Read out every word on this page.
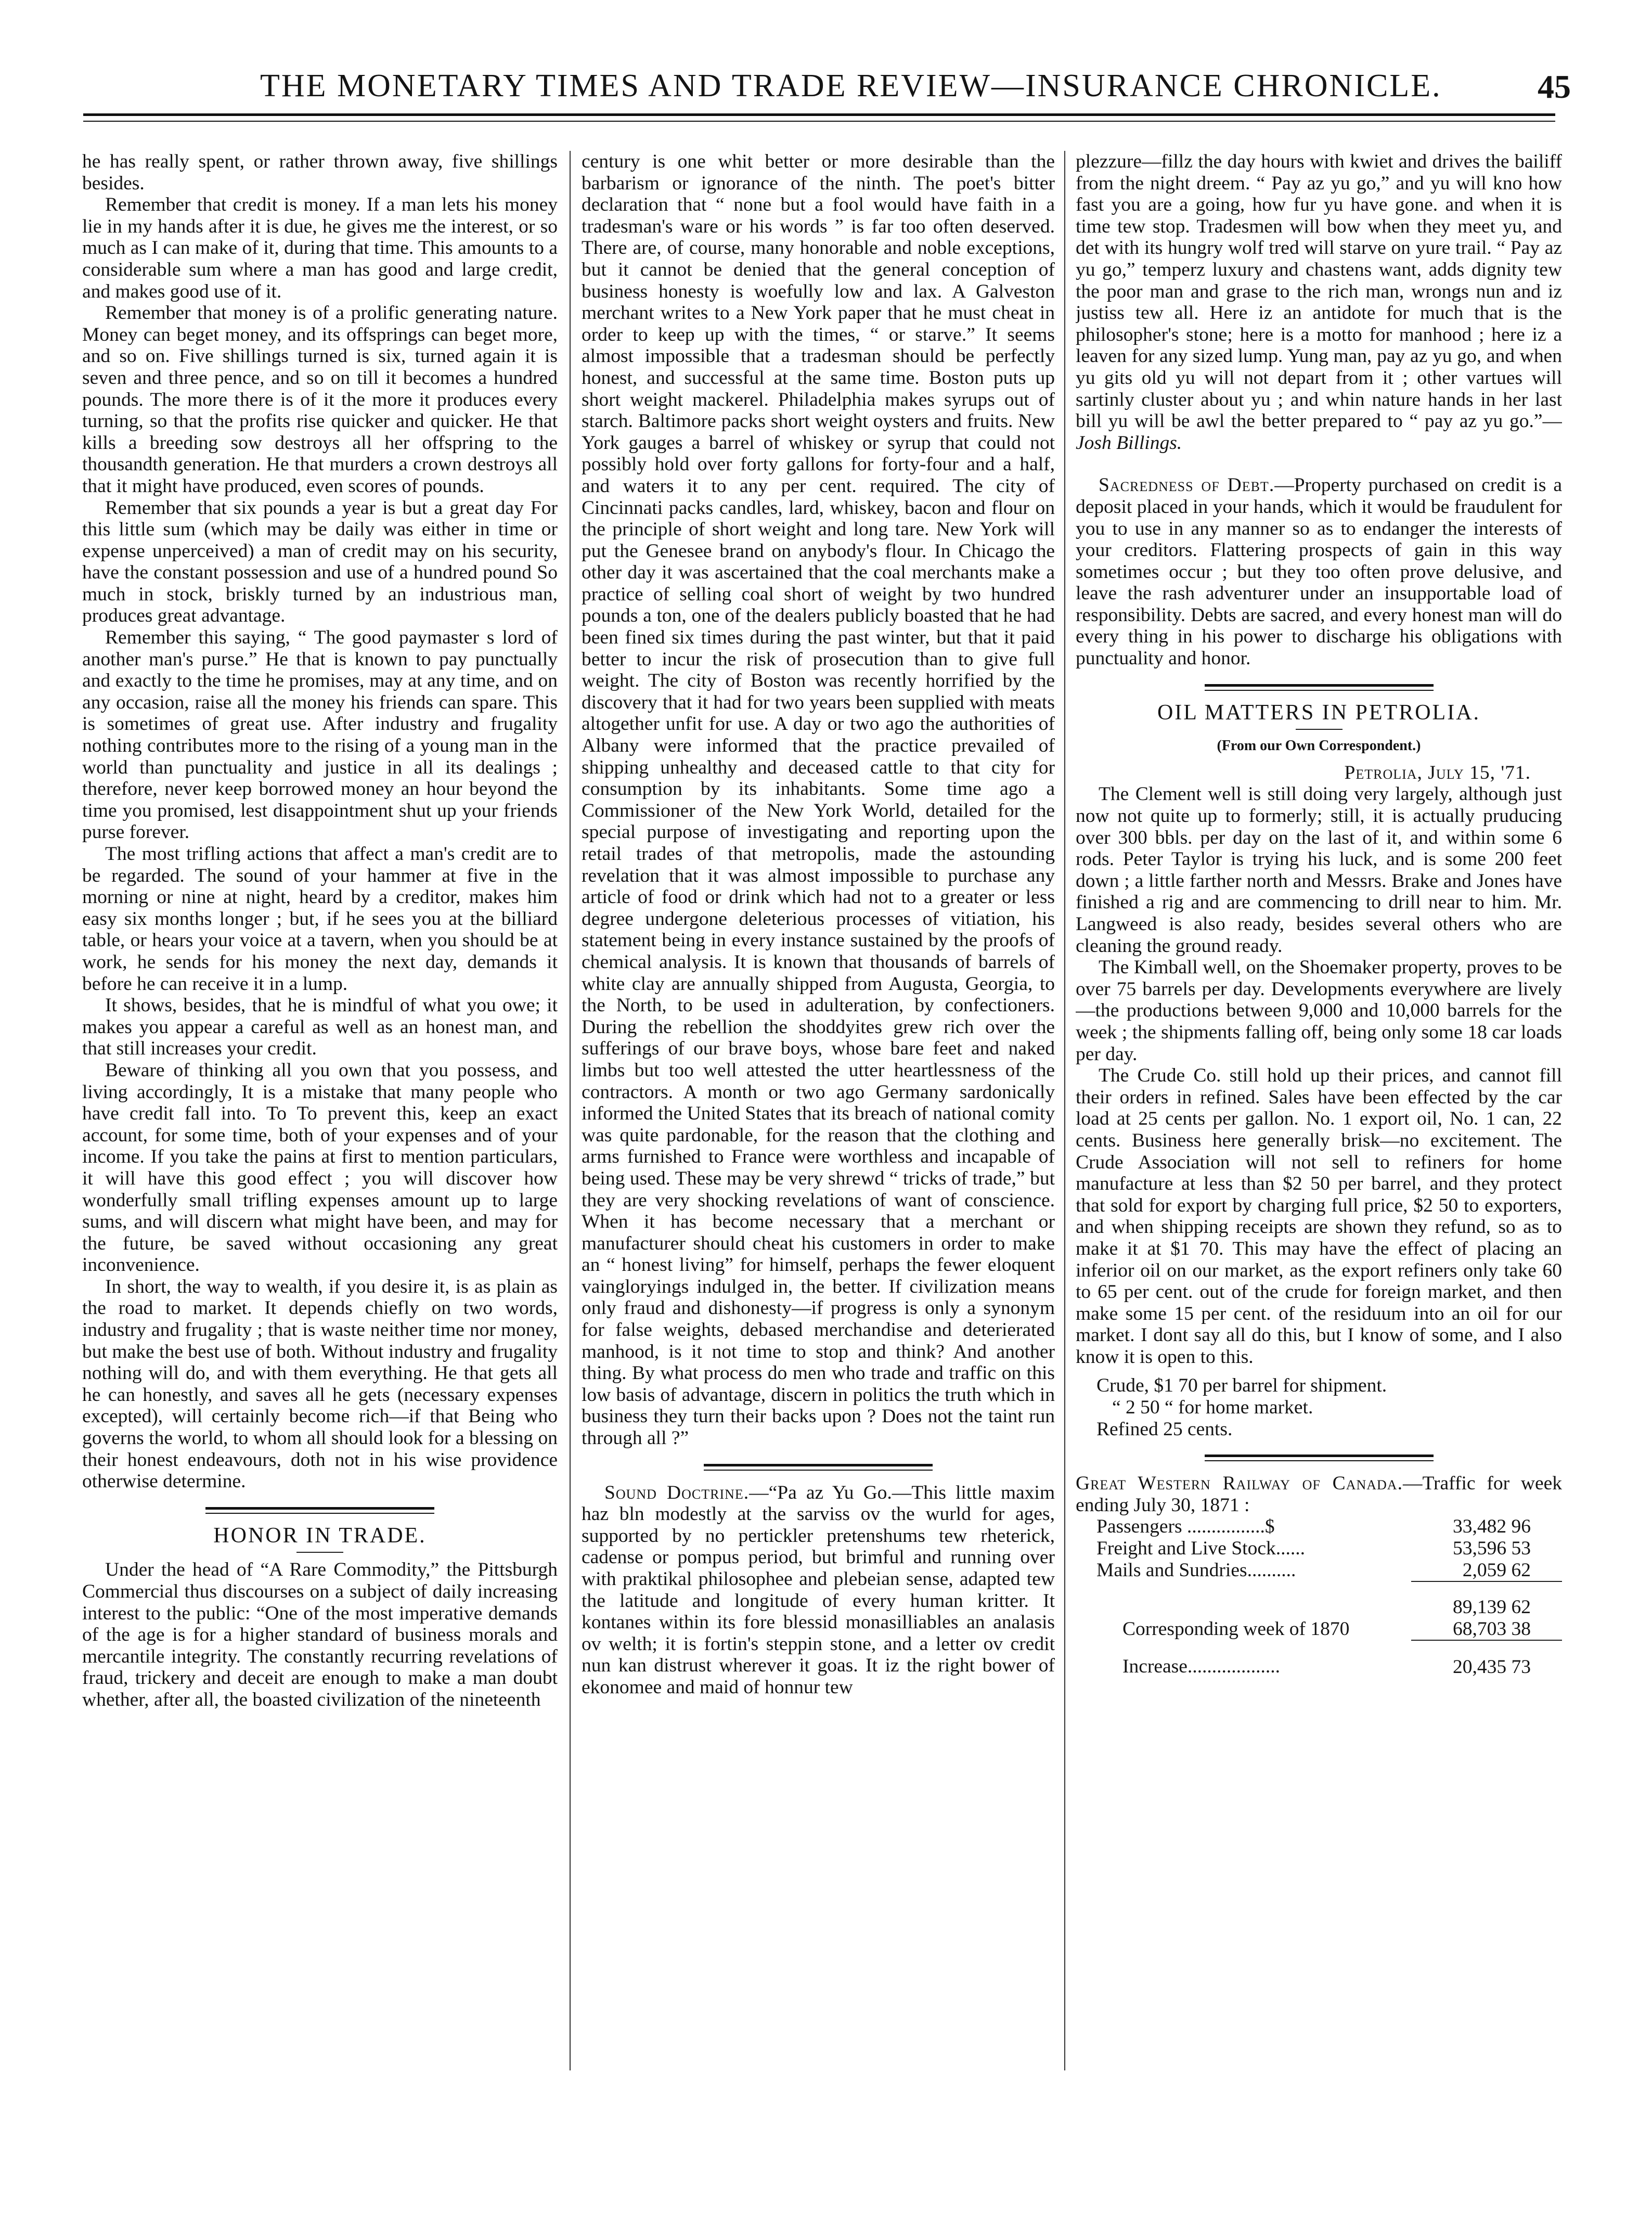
THE MONETARY TIMES AND TRADE REVIEW—INSURANCE CHRONICLE.	45

he has really spent, or rather thrown away, five shillings besides.

Remember that credit is money. If a man lets his money lie in my hands after it is due, he gives me the interest, or so much as I can make of it, during that time. This amounts to a considerable sum where a man has good and large credit, and makes good use of it.

Remember that money is of a prolific generating nature. Money can beget money, and its offsprings can beget more, and so on. Five shillings turned is six, turned again it is seven and three pence, and so on till it becomes a hundred pounds. The more there is of it the more it produces every turning, so that the profits rise quicker and quicker. He that kills a breeding sow destroys all her offspring to the thousandth generation. He that murders a crown destroys all that it might have produced, even scores of pounds.

Remember that six pounds a year is but a great day For this little sum (which may be daily was either in time or expense unperceived) a man of credit may on his security, have the constant possession and use of a hundred pound So much in stock, briskly turned by an industrious man, produces great advantage.

Remember this saying, “ The good paymaster s lord of another man's purse.” He that is known to pay punctually and exactly to the time he promises, may at any time, and on any occasion, raise all the money his friends can spare. This is sometimes of great use. After industry and frugality nothing contributes more to the rising of a young man in the world than punctuality and justice in all its dealings ; therefore, never keep borrowed money an hour beyond the time you promised, lest disappointment shut up your friends purse forever.

The most trifling actions that affect a man's credit are to be regarded. The sound of your hammer at five in the morning or nine at night, heard by a creditor, makes him easy six months longer ; but, if he sees you at the billiard table, or hears your voice at a tavern, when you should be at work, he sends for his money the next day, demands it before he can receive it in a lump.

It shows, besides, that he is mindful of what you owe; it makes you appear a careful as well as an honest man, and that still increases your credit.

Beware of thinking all you own that you possess, and living accordingly, It is a mistake that many people who have credit fall into. To To prevent this, keep an exact account, for some time, both of your expenses and of your income. If you take the pains at first to mention particulars, it will have this good effect ; you will discover how wonderfully small trifling expenses amount up to large sums, and will discern what might have been, and may for the future, be saved without occasioning any great inconvenience.

In short, the way to wealth, if you desire it, is as plain as the road to market. It depends chiefly on two words, industry and frugality ; that is waste neither time nor money, but make the best use of both. Without industry and frugality nothing will do, and with them everything. He that gets all he can honestly, and saves all he gets (necessary expenses excepted), will certainly become rich—if that Being who governs the world, to whom all should look for a blessing on their honest endeavours, doth not in his wise providence otherwise determine.

HONOR IN TRADE.

Under the head of “A Rare Commodity,” the Pittsburgh Commercial thus discourses on a subject of daily increasing interest to the public: “One of the most imperative demands of the age is for a higher standard of business morals and mercantile integrity. The constantly recurring revelations of fraud, trickery and deceit are enough to make a man doubt whether, after all, the boasted civilization of the nineteenth

century is one whit better or more desirable than the barbarism or ignorance of the ninth. The poet's bitter declaration that “ none but a fool would have faith in a tradesman's ware or his words ” is far too often deserved. There are, of course, many honorable and noble exceptions, but it cannot be denied that the general conception of business honesty is woefully low and lax. A Galveston merchant writes to a New York paper that he must cheat in order to keep up with the times, “ or starve.” It seems almost impossible that a tradesman should be perfectly honest, and successful at the same time. Boston puts up short weight mackerel. Philadelphia makes syrups out of starch. Baltimore packs short weight oysters and fruits. New York gauges a barrel of whiskey or syrup that could not possibly hold over forty gallons for forty-four and a half, and waters it to any per cent. required. The city of Cincinnati packs candles, lard, whiskey, bacon and flour on the principle of short weight and long tare. New York will put the Genesee brand on anybody's flour. In Chicago the other day it was ascertained that the coal merchants make a practice of selling coal short of weight by two hundred pounds a ton, one of the dealers publicly boasted that he had been fined six times during the past winter, but that it paid better to incur the risk of prosecution than to give full weight. The city of Boston was recently horrified by the discovery that it had for two years been supplied with meats altogether unfit for use. A day or two ago the authorities of Albany were informed that the practice prevailed of shipping unhealthy and deceased cattle to that city for consumption by its inhabitants. Some time ago a Commissioner of the New York World, detailed for the special purpose of investigating and reporting upon the retail trades of that metropolis, made the astounding revelation that it was almost impossible to purchase any article of food or drink which had not to a greater or less degree undergone deleterious processes of vitiation, his statement being in every instance sustained by the proofs of chemical analysis. It is known that thousands of barrels of white clay are annually shipped from Augusta, Georgia, to the North, to be used in adulteration, by confectioners. During the rebellion the shoddyites grew rich over the sufferings of our brave boys, whose bare feet and naked limbs but too well attested the utter heartlessness of the contractors. A month or two ago Germany sardonically informed the United States that its breach of national comity was quite pardonable, for the reason that the clothing and arms furnished to France were worthless and incapable of being used. These may be very shrewd “ tricks of trade,” but they are very shocking revelations of want of conscience. When it has become necessary that a merchant or manufacturer should cheat his customers in order to make an “ honest living” for himself, perhaps the fewer eloquent vaingloryings indulged in, the better. If civilization means only fraud and dishonesty—if progress is only a synonym for false weights, debased merchandise and deterierated manhood, is it not time to stop and think? And another thing. By what process do men who trade and traffic on this low basis of advantage, discern in politics the truth which in business they turn their backs upon ? Does not the taint run through all ?”

Sound Doctrine.—“Pa az Yu Go.—This little maxim haz bln modestly at the sarviss ov the wurld for ages, supported by no pertickler pretenshums tew rheterick, cadense or pompus period, but brimful and running over with praktikal philosophee and plebeian sense, adapted tew the latitude and longitude of every human kritter. It kontanes within its fore blessid monasilliables an analasis ov welth; it is fortin's steppin stone, and a letter ov credit nun kan distrust wherever it goas. It iz the right bower of ekonomee and maid of honnur tew

plezzure—fillz the day hours with kwiet and drives the bailiff from the night dreem. “ Pay az yu go,” and yu will kno how fast you are a going, how fur yu have gone. and when it is time tew stop. Tradesmen will bow when they meet yu, and det with its hungry wolf tred will starve on yure trail. “ Pay az yu go,” temperz luxury and chastens want, adds dignity tew the poor man and grase to the rich man, wrongs nun and iz justiss tew all. Here iz an antidote for much that is the philosopher's stone; here is a motto for manhood ; here iz a leaven for any sized lump. Yung man, pay az yu go, and when yu gits old yu will not depart from it ; other vartues will sartinly cluster about yu ; and whin nature hands in her last bill yu will be awl the better prepared to “ pay az yu go.”—Josh Billings.

Sacredness of Debt.—Property purchased on credit is a deposit placed in your hands, which it would be fraudulent for you to use in any manner so as to endanger the interests of your creditors. Flattering prospects of gain in this way sometimes occur ; but they too often prove delusive, and leave the rash adventurer under an insupportable load of responsibility. Debts are sacred, and every honest man will do every thing in his power to discharge his obligations with punctuality and honor.

OIL MATTERS IN PETROLIA.
(From our Own Correspondent.)

Petrolia, July 15, '71.

The Clement well is still doing very largely, although just now not quite up to formerly; still, it is actually pruducing over 300 bbls. per day on the last of it, and within some 6 rods. Peter Taylor is trying his luck, and is some 200 feet down ; a little farther north and Messrs. Brake and Jones have finished a rig and are commencing to drill near to him. Mr. Langweed is also ready, besides several others who are cleaning the ground ready.

The Kimball well, on the Shoemaker property, proves to be over 75 barrels per day. Developments everywhere are lively—the productions between 9,000 and 10,000 barrels for the week ; the shipments falling off, being only some 18 car loads per day.

The Crude Co. still hold up their prices, and cannot fill their orders in refined. Sales have been effected by the car load at 25 cents per gallon. No. 1 export oil, No. 1 can, 22 cents. Business here generally brisk—no excitement. The Crude Association will not sell to refiners for home manufacture at less than $2 50 per barrel, and they protect that sold for export by charging full price, $2 50 to exporters, and when shipping receipts are shown they refund, so as to make it at $1 70. This may have the effect of placing an inferior oil on our market, as the export refiners only take 60 to 65 per cent. out of the crude for foreign market, and then make some 15 per cent. of the residuum into an oil for our market. I dont say all do this, but I know of some, and I also know it is open to this.

Crude, $1 70 per barrel for shipment.

“ 2 50 “ for home market.

Refined 25 cents.

Great Western Railway of Canada.—Traffic for week ending July 30, 1871 :

Passengers ................$	33,482 96
Freight and Live Stock......	53,596 53
Mails and Sundries..........	2,059 62
	89,139 62
Corresponding week of 1870	68,703 38
Increase...................	20,435 73
